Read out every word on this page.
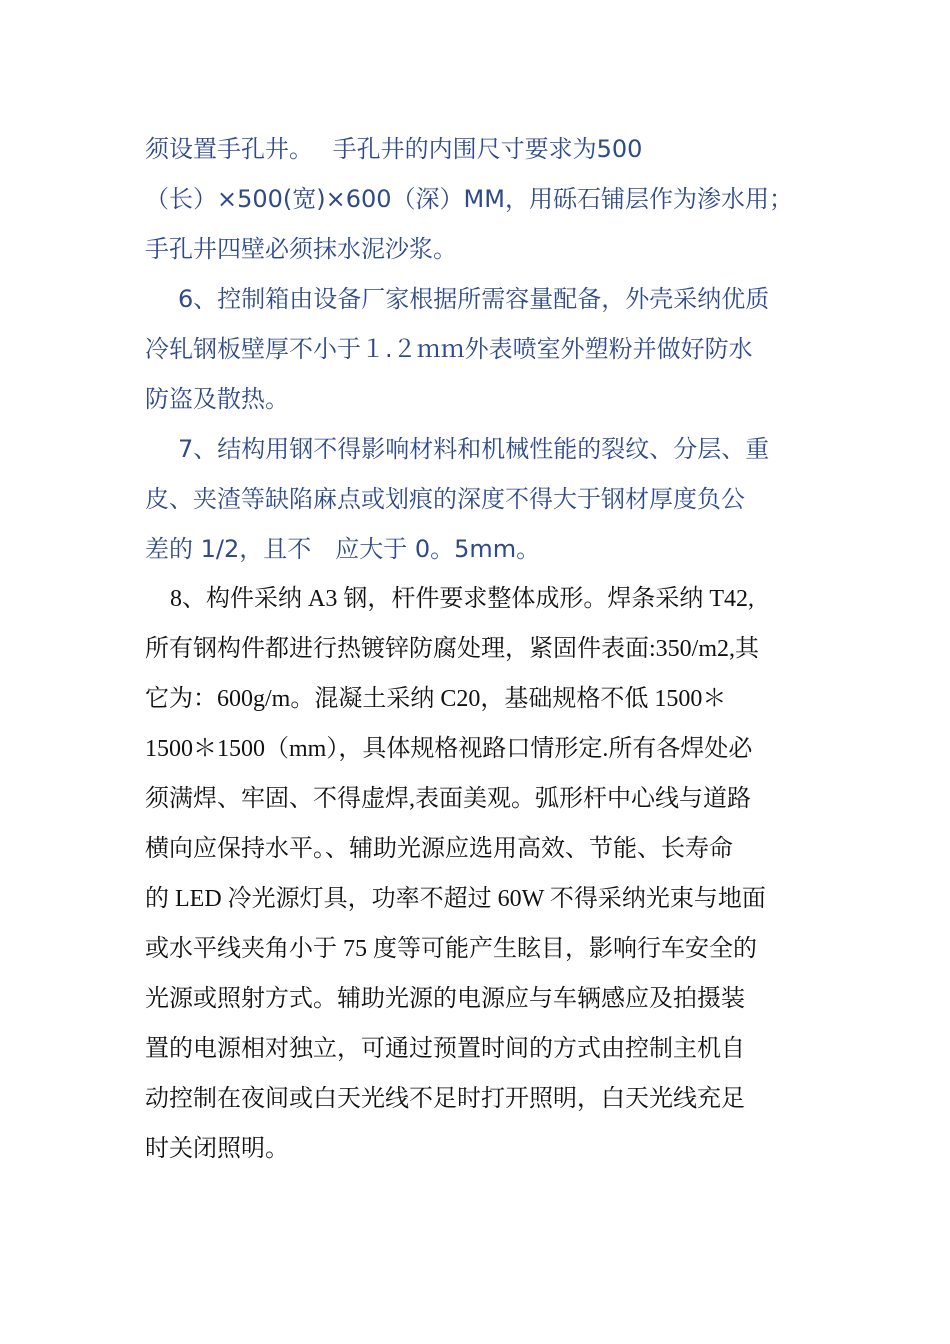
须设置手孔井。　 手孔井的内围尺寸要求为500
（长）×500(宽)×600（深）MM，用砾石铺层作为渗水用；
手孔井四壁必须抹水泥沙浆。
6、控制箱由设备厂家根据所需容量配备，外壳采纳优质
冷轧钢板壁厚不小于１.２ｍｍ外表喷室外塑粉并做好防水
防盗及散热。
7、结构用钢不得影响材料和机械性能的裂纹、分层、重
皮、夹渣等缺陷麻点或划痕的深度不得大于钢材厚度负公
差的 1/2，且不　应大于 0。5mm。
8、构件采纳 A3 钢，杆件要求整体成形。焊条采纳 T42,
所有钢构件都进行热镀锌防腐处理，紧固件表面:350/m2,其
它为：600g/m。混凝土采纳 C20，基础规格不低 1500＊
1500＊1500（mm），具体规格视路口情形定.所有各焊处必
须满焊、牢固、不得虚焊,表面美观。弧形杆中心线与道路
横向应保持水平。、辅助光源应选用高效、节能、长寿命
的 LED 冷光源灯具，功率不超过 60W 不得采纳光束与地面
或水平线夹角小于 75 度等可能产生眩目，影响行车安全的
光源或照射方式。辅助光源的电源应与车辆感应及拍摄装
置的电源相对独立，可通过预置时间的方式由控制主机自
动控制在夜间或白天光线不足时打开照明，白天光线充足
时关闭照明。
